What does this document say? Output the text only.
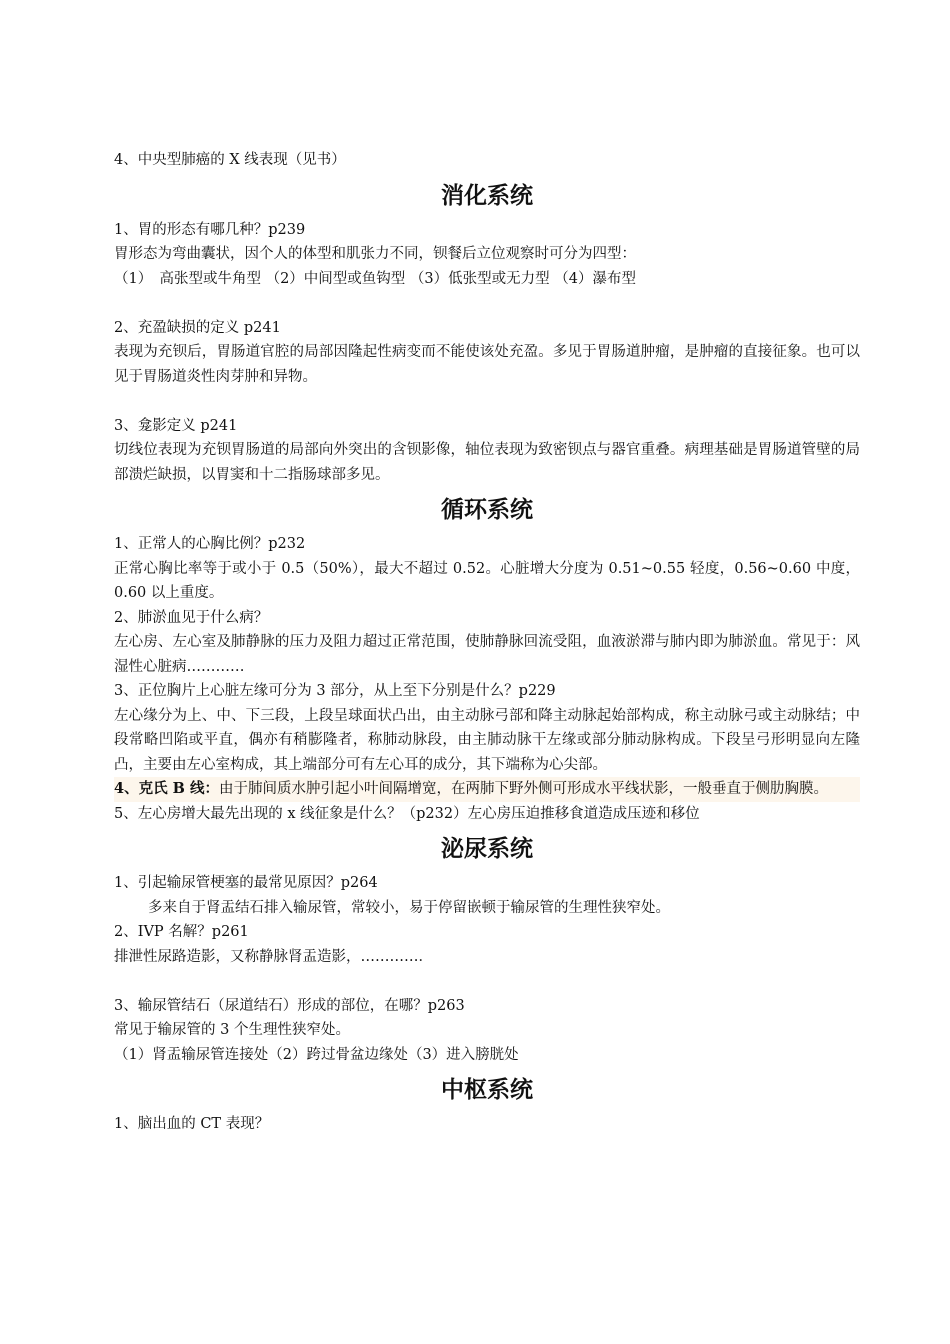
4、中央型肺癌的 X 线表现（见书）
消化系统
1、胃的形态有哪几种？p239
胃形态为弯曲囊状，因个人的体型和肌张力不同，钡餐后立位观察时可分为四型：
（1）　高张型或牛角型 （2）中间型或鱼钩型 （3）低张型或无力型 （4）瀑布型
2、充盈缺损的定义 p241
表现为充钡后，胃肠道官腔的局部因隆起性病变而不能使该处充盈。多见于胃肠道肿瘤，是肿瘤的直接征象。也可以见于胃肠道炎性肉芽肿和异物。
3、龛影定义 p241
切线位表现为充钡胃肠道的局部向外突出的含钡影像，轴位表现为致密钡点与器官重叠。病理基础是胃肠道管壁的局部溃烂缺损，以胃窦和十二指肠球部多见。
循环系统
1、正常人的心胸比例？p232
正常心胸比率等于或小于 0.5（50%），最大不超过 0.52。心脏增大分度为 0.51~0.55 轻度，0.56~0.60 中度，0.60 以上重度。
2、肺淤血见于什么病？
左心房、左心室及肺静脉的压力及阻力超过正常范围，使肺静脉回流受阻，血液淤滞与肺内即为肺淤血。常见于：风湿性心脏病…………
3、正位胸片上心脏左缘可分为 3 部分，从上至下分别是什么？p229
左心缘分为上、中、下三段，上段呈球面状凸出，由主动脉弓部和降主动脉起始部构成，称主动脉弓或主动脉结；中段常略凹陷或平直，偶亦有稍膨隆者，称肺动脉段，由主肺动脉干左缘或部分肺动脉构成。下段呈弓形明显向左隆凸，主要由左心室构成，其上端部分可有左心耳的成分，其下端称为心尖部。
4、克氏 B 线：由于肺间质水肿引起小叶间隔增宽，在两肺下野外侧可形成水平线状影，一般垂直于侧肋胸膜。
5、左心房增大最先出现的 x 线征象是什么？（p232）左心房压迫推移食道造成压迹和移位
泌尿系统
1、引起输尿管梗塞的最常见原因？p264
多来自于肾盂结石排入输尿管，常较小，易于停留嵌顿于输尿管的生理性狭窄处。
2、IVP 名解？p261
排泄性尿路造影，又称静脉肾盂造影，…………．
3、输尿管结石（尿道结石）形成的部位，在哪？p263
常见于输尿管的 3 个生理性狭窄处。
（1）肾盂输尿管连接处（2）跨过骨盆边缘处（3）进入膀胱处
中枢系统
1、脑出血的 CT 表现？
